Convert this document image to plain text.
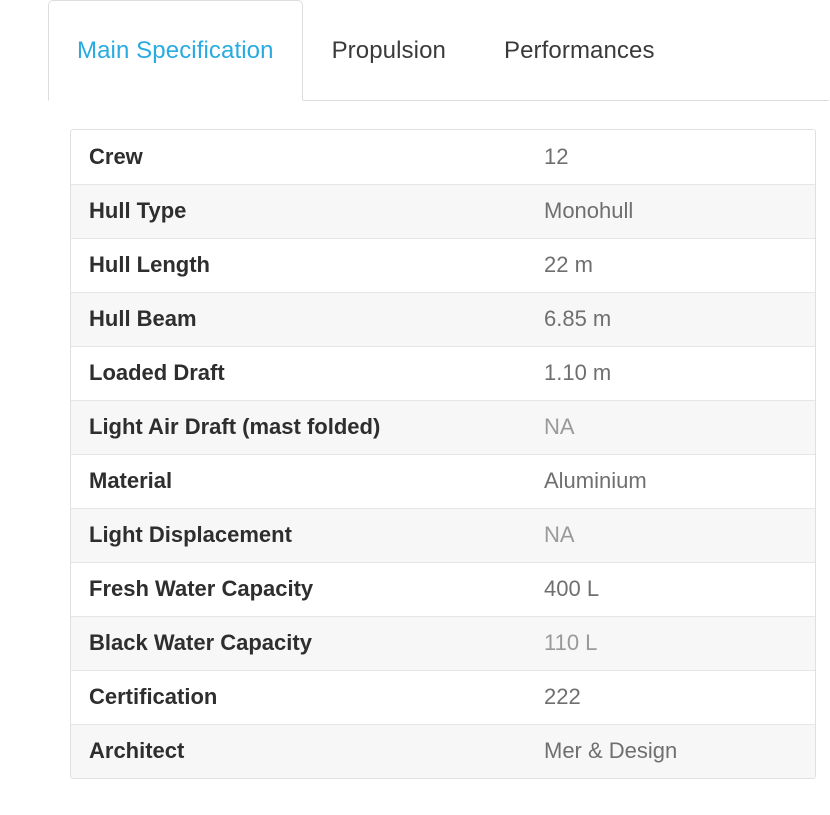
Main Specification Propulsion Performances
Crew	12
Hull Type	Monohull
Hull Length	22 m
Hull Beam	6.85 m
Loaded Draft	1.10 m
Light Air Draft (mast folded)	NA
Material	Aluminium
Light Displacement	NA
Fresh Water Capacity	400 L
Black Water Capacity	110 L
Certification	222
Architect	Mer & Design
